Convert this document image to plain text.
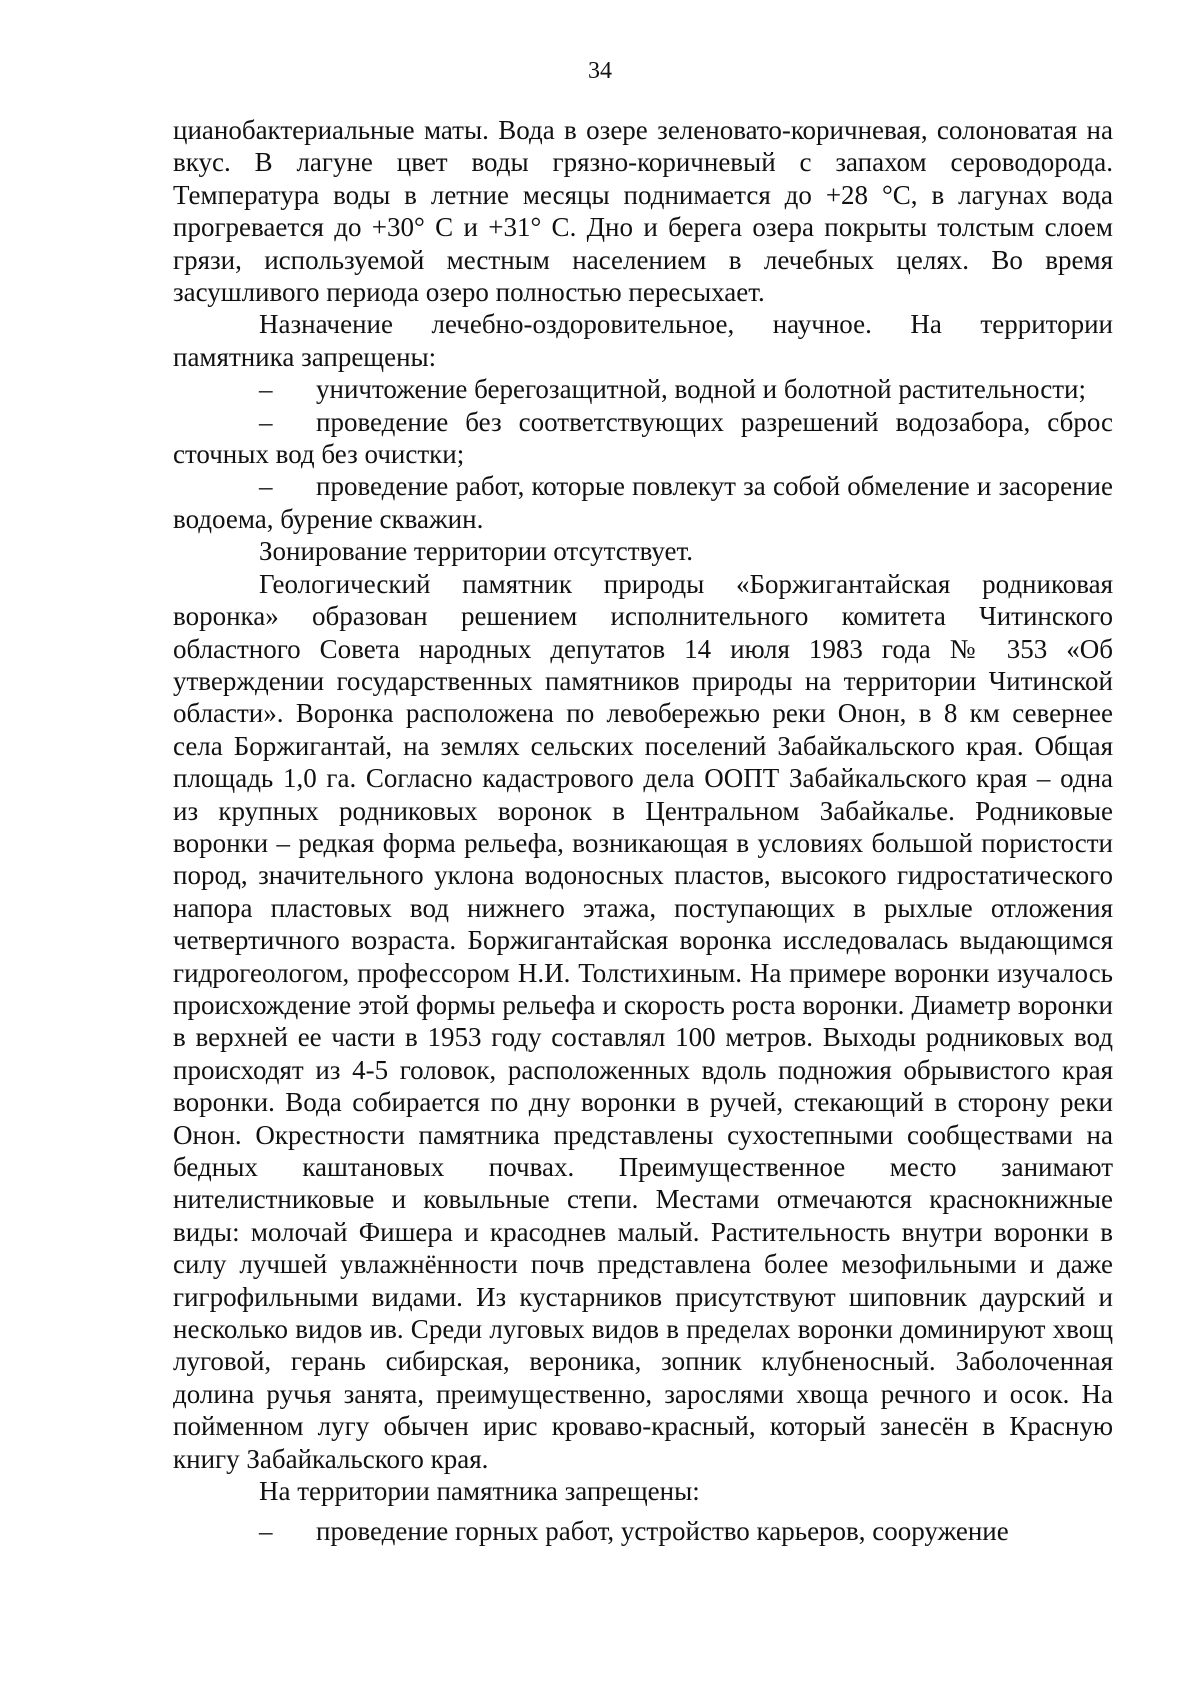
34

цианобактериальные маты. Вода в озере зеленовато-коричневая, солоноватая на вкус. В лагуне цвет воды грязно-коричневый с запахом сероводорода. Температура воды в летние месяцы поднимается до +28 °С, в лагунах вода прогревается до +30° С и +31° С. Дно и берега озера покрыты толстым слоем грязи, используемой местным населением в лечебных целях. Во время засушливого периода озеро полностью пересыхает.

Назначение лечебно-оздоровительное, научное. На территории памятника запрещены:

– уничтожение берегозащитной, водной и болотной растительности;

– проведение без соответствующих разрешений водозабора, сброс сточных вод без очистки;

– проведение работ, которые повлекут за собой обмеление и засорение водоема, бурение скважин.

Зонирование территории отсутствует.

Геологический памятник природы «Боржигантайская родниковая воронка» образован решением исполнительного комитета Читинского областного Совета народных депутатов 14 июля 1983 года № 353 «Об утверждении государственных памятников природы на территории Читинской области». Воронка расположена по левобережью реки Онон, в 8 км севернее села Боржигантай, на землях сельских поселений Забайкальского края. Общая площадь 1,0 га. Согласно кадастрового дела ООПТ Забайкальского края – одна из крупных родниковых воронок в Центральном Забайкалье. Родниковые воронки – редкая форма рельефа, возникающая в условиях большой пористости пород, значительного уклона водоносных пластов, высокого гидростатического напора пластовых вод нижнего этажа, поступающих в рыхлые отложения четвертичного возраста. Боржигантайская воронка исследовалась выдающимся гидрогеологом, профессором Н.И. Толстихиным. На примере воронки изучалось происхождение этой формы рельефа и скорость роста воронки. Диаметр воронки в верхней ее части в 1953 году составлял 100 метров. Выходы родниковых вод происходят из 4-5 головок, расположенных вдоль подножия обрывистого края воронки. Вода собирается по дну воронки в ручей, стекающий в сторону реки Онон. Окрестности памятника представлены сухостепными сообществами на бедных каштановых почвах. Преимущественное место занимают нителистниковые и ковыльные степи. Местами отмечаются краснокнижные виды: молочай Фишера и красоднев малый. Растительность внутри воронки в силу лучшей увлажнённости почв представлена более мезофильными и даже гигрофильными видами. Из кустарников присутствуют шиповник даурский и несколько видов ив. Среди луговых видов в пределах воронки доминируют хвощ луговой, герань сибирская, вероника, зопник клубненосный. Заболоченная долина ручья занята, преимущественно, зарослями хвоща речного и осок. На пойменном лугу обычен ирис кроваво-красный, который занесён в Красную книгу Забайкальского края.

На территории памятника запрещены:

– проведение горных работ, устройство карьеров, сооружение
